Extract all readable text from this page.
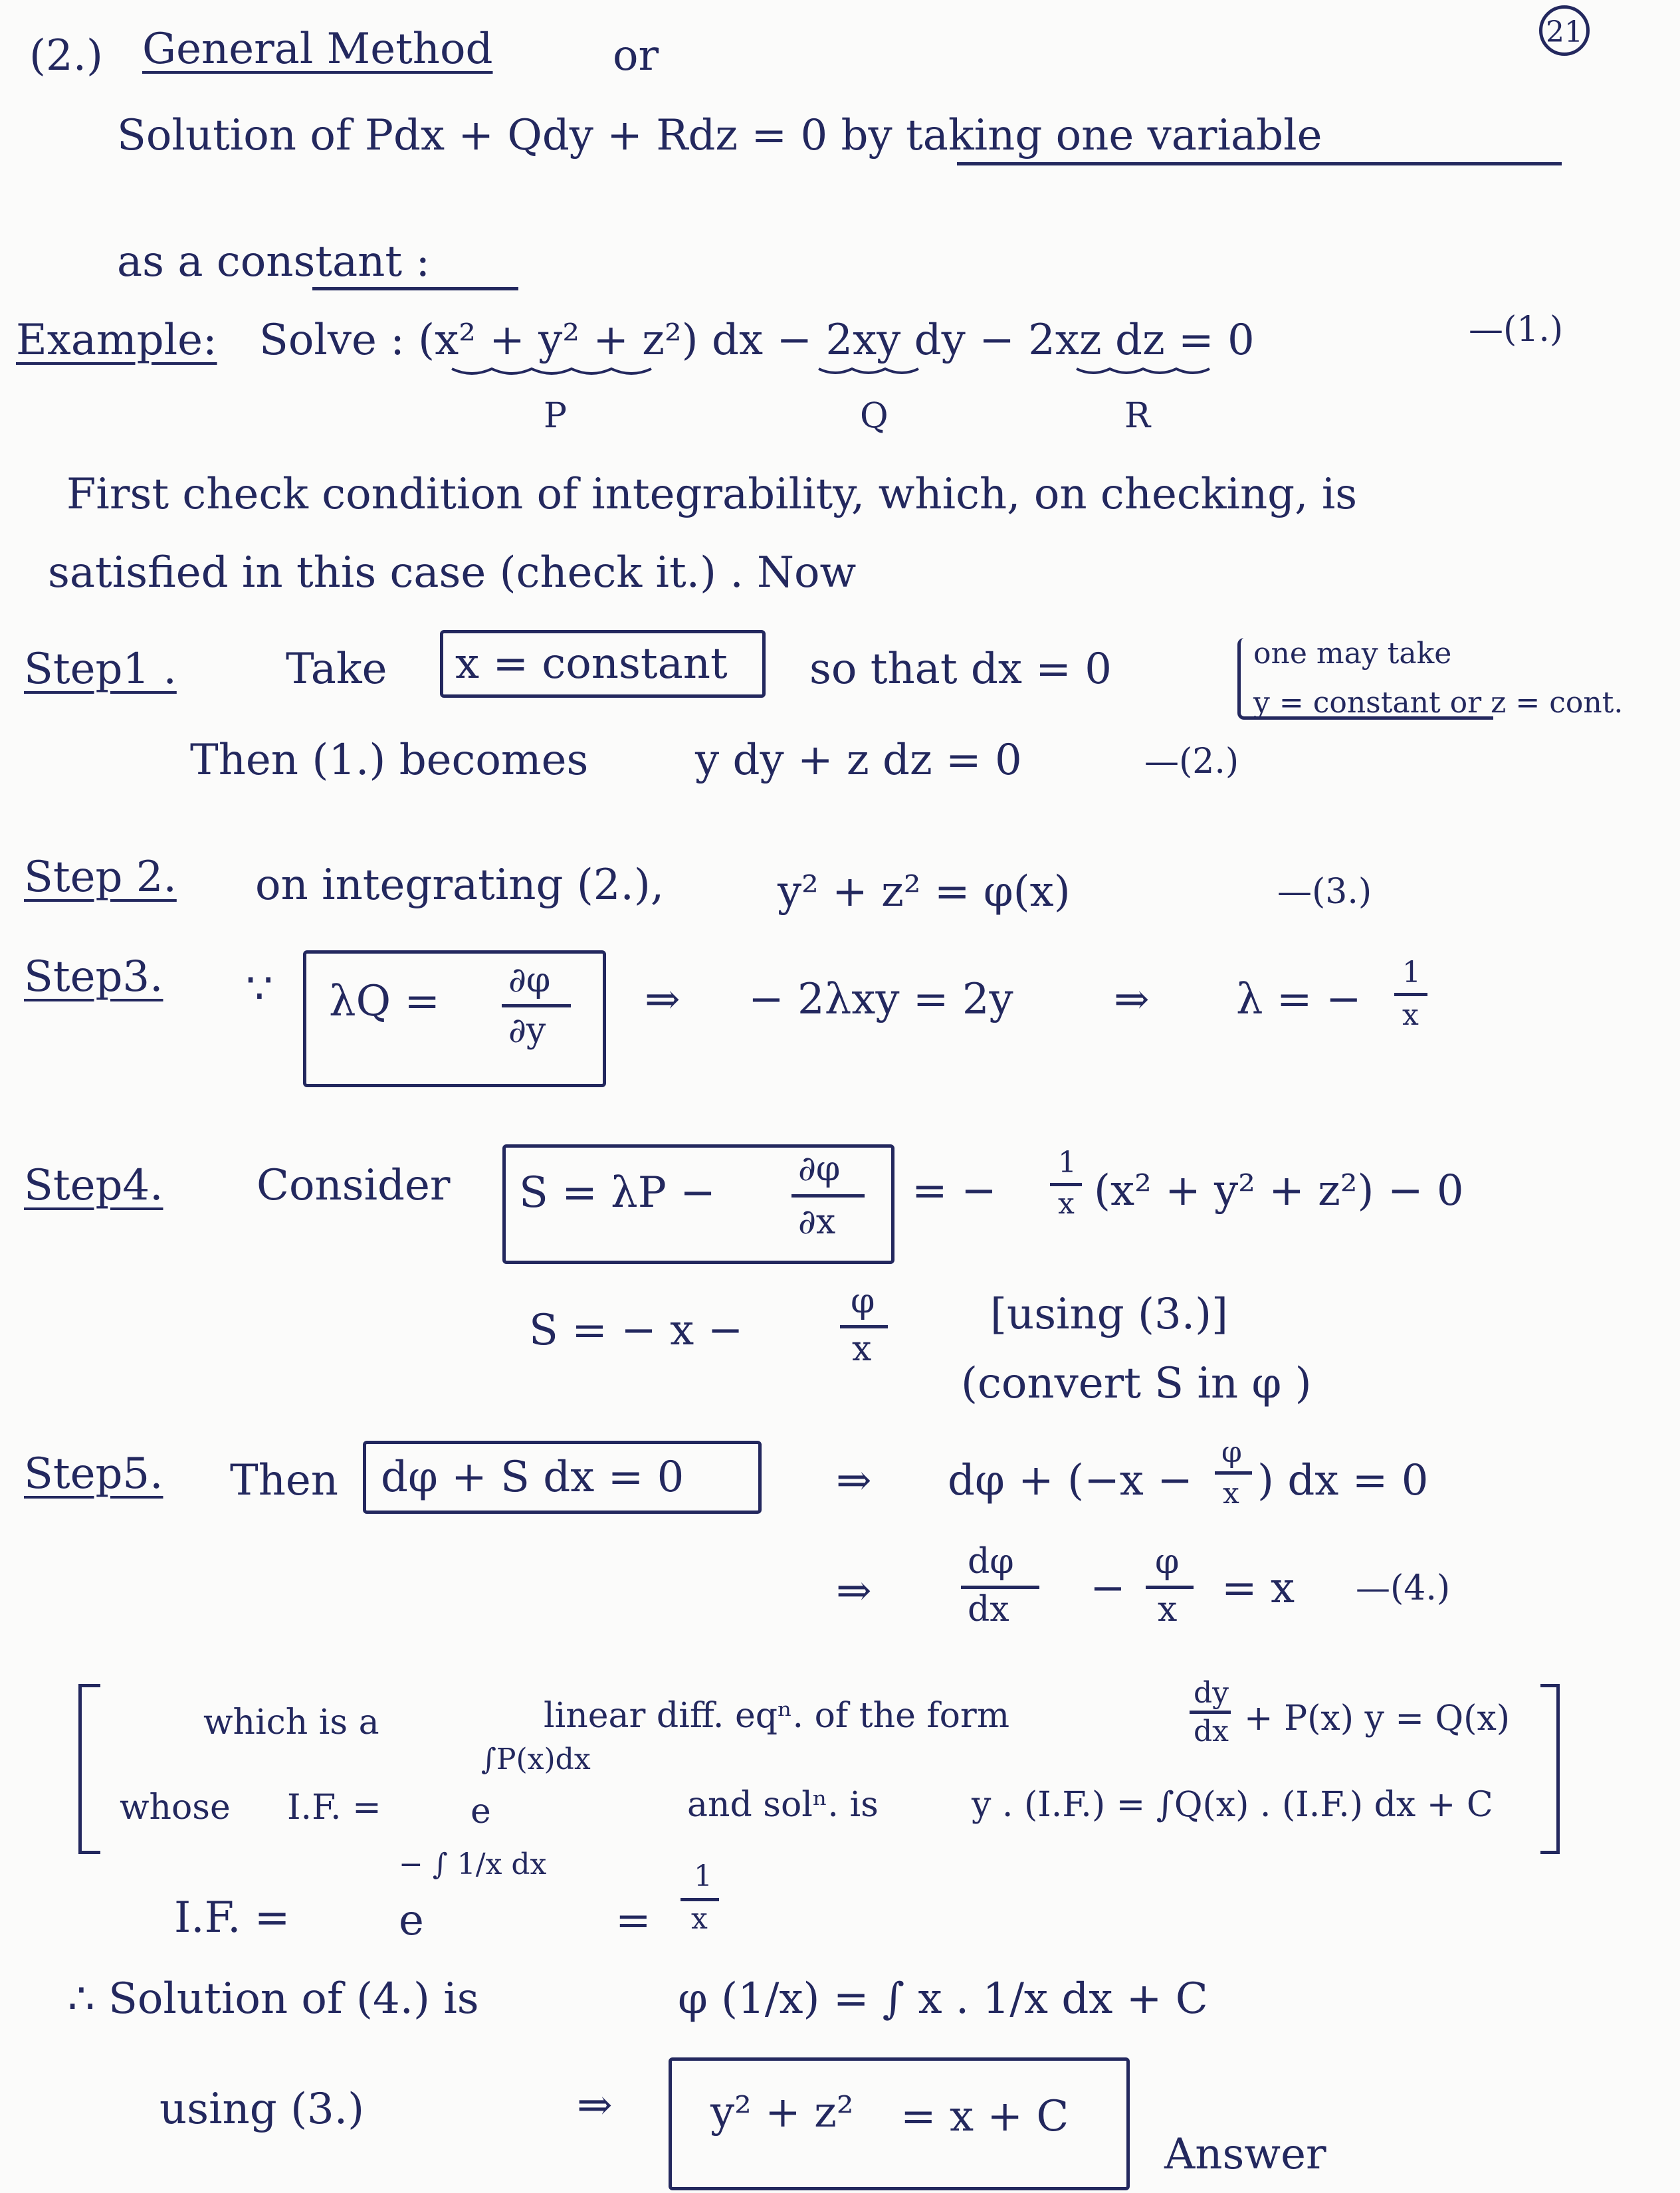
21
(2.) General Method	or
Solution of Pdx + Qdy + Rdz = 0 by taking one variable
as a constant :
Example: Solve : (x² + y² + z²) dx − 2xy dy − 2xz dz = 0	—(1.)
P	Q	R
First check condition of integrability, which, on checking, is
satisfied in this case (check it.) . Now
Step1 .	Take x = constant so that dx = 0	one may take
y = constant or z = cont.
Then (1.) becomes	y dy + z dz = 0	—(2.)
Step 2. on integrating (2.),	y² + z² = φ(x)	—(3.)
Step3. ∵ λQ = ∂φ
∂y
⇒ − 2λxy = 2y ⇒ λ = −
1
x
Step4. Consider S = λP − ∂φ
∂x
= −
1
x (x² + y² + z²) − 0
S = − x −
φ
x
[using (3.)]
(convert S in φ )
Step5. Then dφ + S dx = 0	⇒ dφ + (−x −
φ
x ) dx = 0
⇒
dφ
dx −
φ
x = x —(4.)
which is a	linear diff. eqⁿ. of the form
dy
dx + P(x) y = Q(x)
whose I.F. =	e
∫P(x)dx
and solⁿ. is	y . (I.F.) = ∫Q(x) . (I.F.) dx + C
I.F. =	e
− ∫ 1/x dx
=
1
x
∴ Solution of (4.) is	φ (1/x) = ∫ x . 1/x dx + C
using (3.)	⇒ y² + z² = x + C
Answer
